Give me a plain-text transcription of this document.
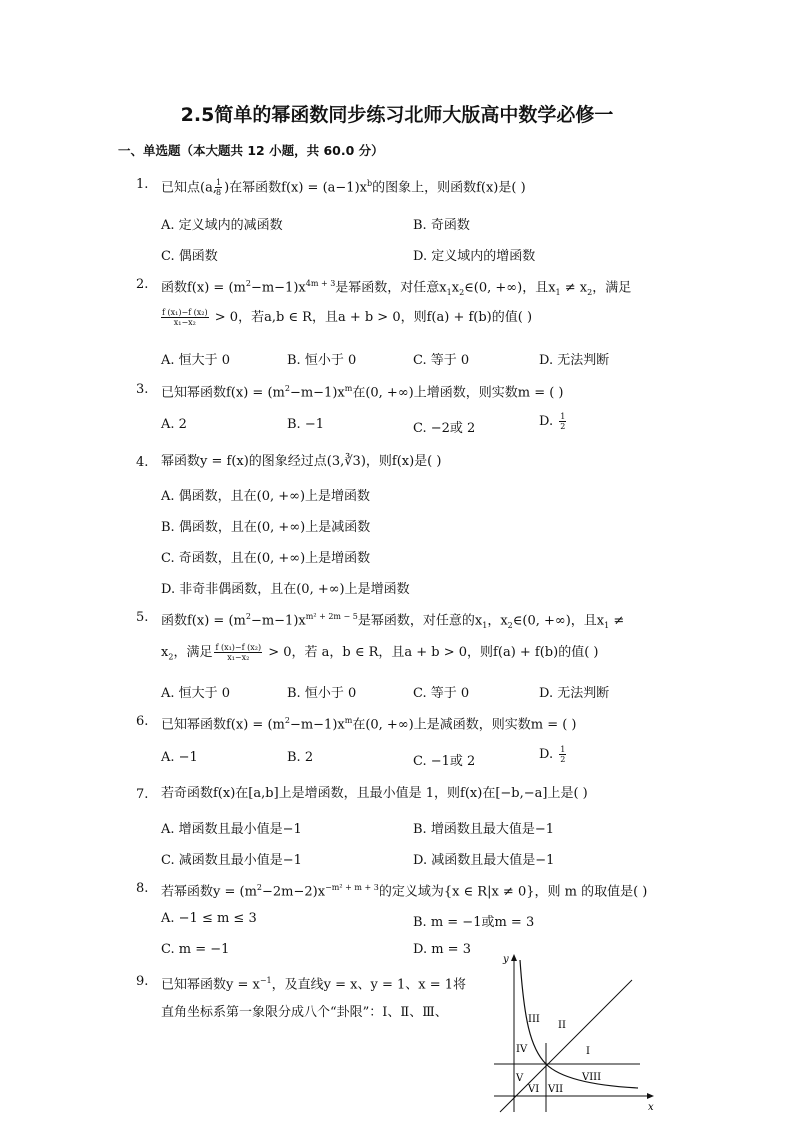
2.5简单的幂函数同步练习北师大版高中数学必修一
一、单选题（本大题共 12 小题，共 60.0 分）
1. 已知点(a,
$\frac{1}{8}$ )在幂函数$f(x) = (a-1)x^b$的图象上，则函数f(x)是( )
A. 定义域内的减函数	B. 奇函数
C. 偶函数	D. 定义域内的增函数
2. 函数$f(x) = (m^2-m-1)x^{4m + 3}$是幂函数，对任意$x_1x_2\in(0$, +∞)，且$x_1 \ne x_2$，满足
$\frac{\text{f (x₁)−f (x₂)}}{\text{x₁−x₂}} > 0$，若a,b ∈ R，且a + b > 0，则f(a) + f(b)的值( )
A. 恒大于 0	B. 恒小于 0	C. 等于 0	D. 无法判断
3. 已知幂函数$f(x) = (m^2-m-1)x^m$在(0, +∞)上增函数，则实数m = ( )
A. 2	B. −1	C. −2或 2	D. $\frac{1}{2}$
4. 幂函数y = f(x)的图象经过点(3,∛3)，则f(x)是( )
A. 偶函数，且在(0, +∞)上是增函数
B. 偶函数，且在(0, +∞)上是减函数
C. 奇函数，且在(0, +∞)上是增函数
D. 非奇非偶函数，且在(0, +∞)上是增函数
5. 函数$f(x) = (m^2-m-1)x^{m^2 + 2m - 5}$是幂函数，对任意的$x_1$，$x_2\in(0$, +∞)，且$x_1$ ≠
$x_2$，满足 $\frac{\text{f (x₁)−f (x₂)}}{\text{x₁−x₂}} > 0$，若 a，b ∈ R，且a + b > 0，则f(a) + f(b)的值( )
A. 恒大于 0	B. 恒小于 0	C. 等于 0	D. 无法判断
6. 已知幂函数$f(x) = (m^2-m-1)x^m$在(0, +∞)上是减函数，则实数m = ( )
A. −1	B. 2	C. −1或 2	D. $\frac{1}{2}$
7. 若奇函数f(x)在[a,b]上是增函数，且最小值是 1，则f(x)在[−b,−a]上是( )
A. 增函数且最小值是−1	B. 增函数且最大值是−1
C. 减函数且最小值是−1	D. 减函数且最大值是−1
8. 若幂函数$y = (m^2-2m-2)x^{-m^2 + m + 3}$的定义域为{x ∈ R|x ≠ 0}，则 m 的取值是( )
A. −1 ≤ m ≤ 3	B. m = −1或m = 3
C. m = −1	D. m = 3
9. 已知幂函数$y = x^{-1}$，及直线y = x、y = 1、x = 1将
直角坐标系第一象限分成八个“卦限”：Ⅰ、Ⅱ、Ⅲ、
y
x
III
II
IV	I
V	VIII
VI VII
